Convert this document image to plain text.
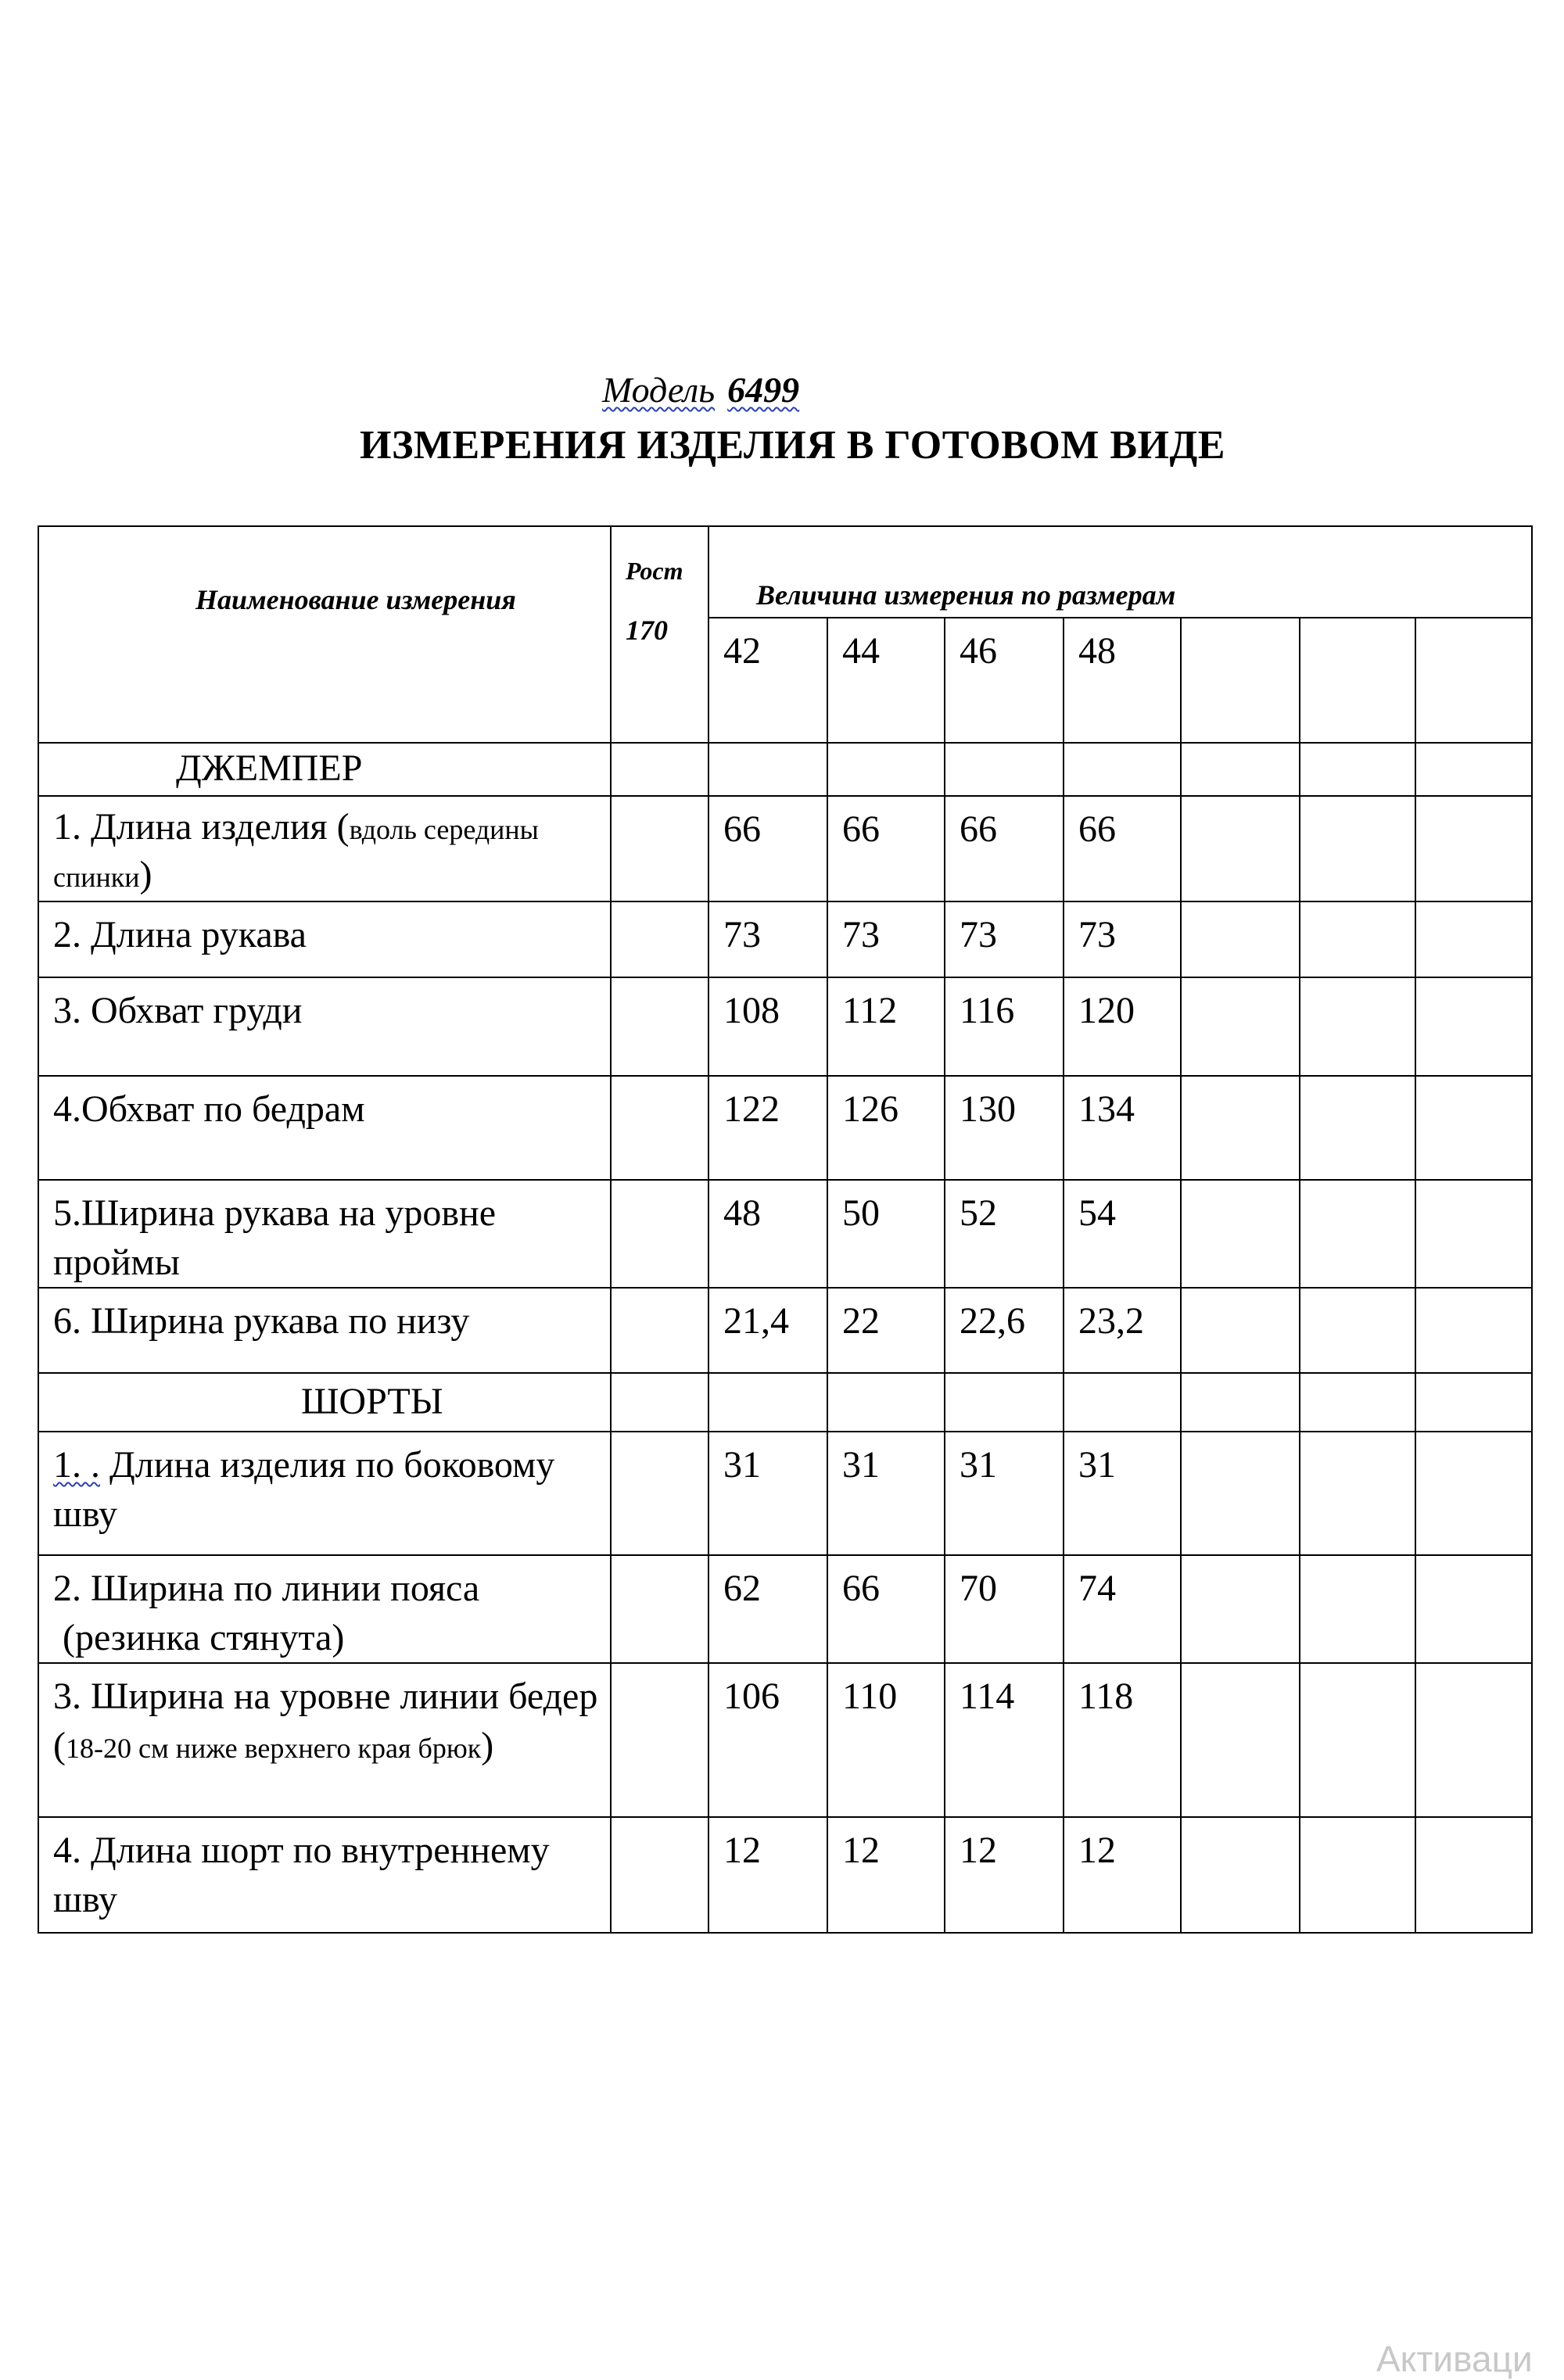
Модель 6499
ИЗМЕРЕНИЯ ИЗДЕЛИЯ В ГОТОВОМ ВИДЕ
Наименование измерения	Рост
170	Величина измерения по размерам						
		42	44	46	48			
ДЖЕМПЕР								
1. Длина изделия (вдоль середины спинки)		66	66	66	66			
2. Длина рукава		73	73	73	73			
3. Обхват груди		108	112	116	120			
4.Обхват по бедрам		122	126	130	134			
5.Ширина рукава на уровне проймы		48	50	52	54			
6. Ширина рукава по низу		21,4	22	22,6	23,2			
ШОРТЫ								
1. . Длина изделия по боковому шву		31	31	31	31			

2. Ширина по линии пояса
(резинка стянута)		62	66	70	74			
3. Ширина на уровне линии бедер (18-20 см ниже верхнего края брюк)		106	110	114	118			
4. Длина шорт по внутреннему шву		12	12	12	12			
Активаци
